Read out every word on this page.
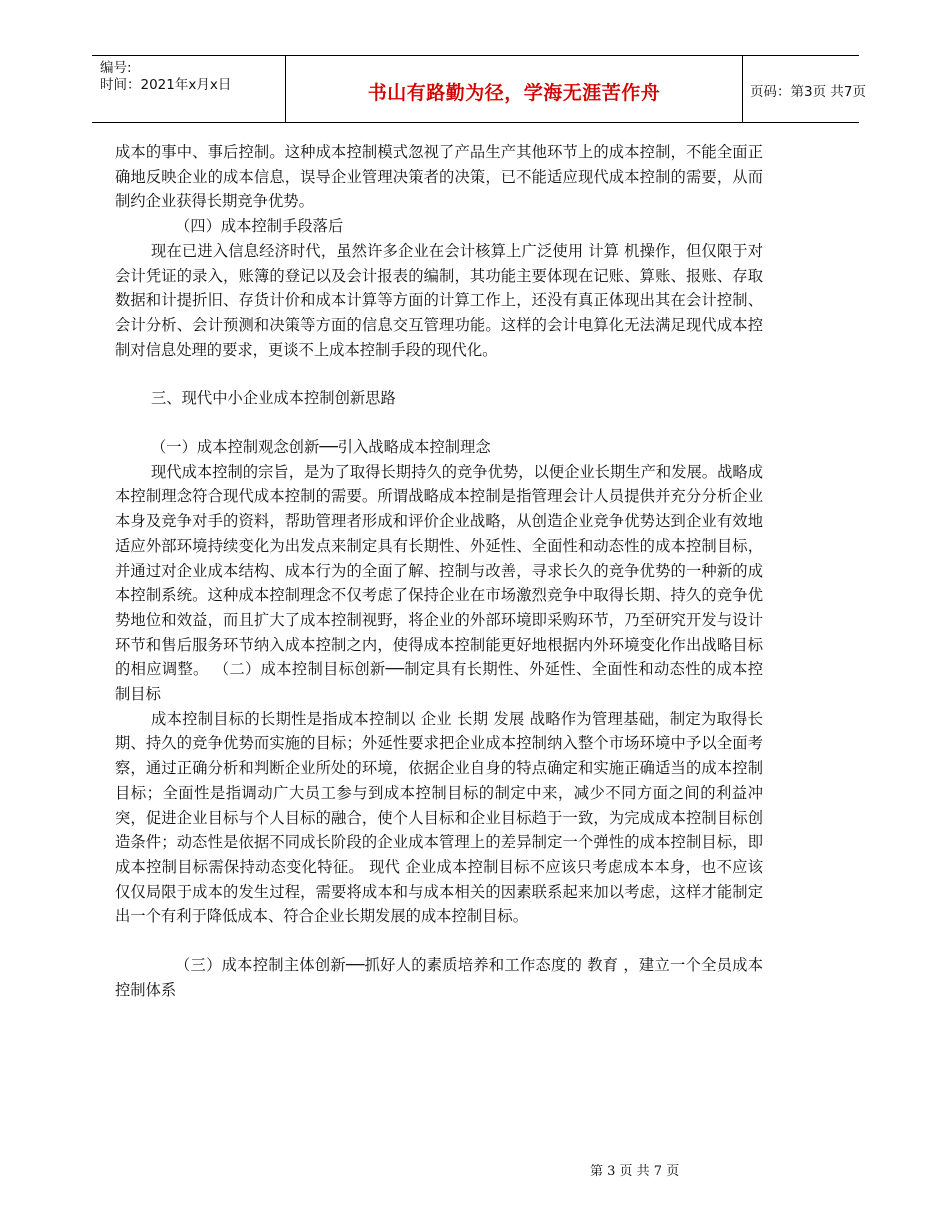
编号:
时间：2021年x月x日	书山有路勤为径，学海无涯苦作舟	页码：第3页 共7页

成本的事中、事后控制。这种成本控制模式忽视了产品生产其他环节上的成本控制，不能全面正确地反映企业的成本信息，误导企业管理决策者的决策，已不能适应现代成本控制的需要，从而制约企业获得长期竞争优势。

（四）成本控制手段落后

现在已进入信息经济时代，虽然许多企业在会计核算上广泛使用 计算 机操作，但仅限于对会计凭证的录入，账簿的登记以及会计报表的编制，其功能主要体现在记账、算账、报账、存取数据和计提折旧、存货计价和成本计算等方面的计算工作上，还没有真正体现出其在会计控制、会计分析、会计预测和决策等方面的信息交互管理功能。这样的会计电算化无法满足现代成本控制对信息处理的要求，更谈不上成本控制手段的现代化。

三、现代中小企业成本控制创新思路

（一）成本控制观念创新──引入战略成本控制理念

现代成本控制的宗旨，是为了取得长期持久的竞争优势，以便企业长期生产和发展。战略成本控制理念符合现代成本控制的需要。所谓战略成本控制是指管理会计人员提供并充分分析企业本身及竞争对手的资料，帮助管理者形成和评价企业战略，从创造企业竞争优势达到企业有效地适应外部环境持续变化为出发点来制定具有长期性、外延性、全面性和动态性的成本控制目标，并通过对企业成本结构、成本行为的全面了解、控制与改善，寻求长久的竞争优势的一种新的成本控制系统。这种成本控制理念不仅考虑了保持企业在市场激烈竞争中取得长期、持久的竞争优势地位和效益，而且扩大了成本控制视野，将企业的外部环境即采购环节，乃至研究开发与设计环节和售后服务环节纳入成本控制之内，使得成本控制能更好地根据内外环境变化作出战略目标的相应调整。 （二）成本控制目标创新──制定具有长期性、外延性、全面性和动态性的成本控制目标

成本控制目标的长期性是指成本控制以 企业 长期 发展 战略作为管理基础，制定为取得长期、持久的竞争优势而实施的目标；外延性要求把企业成本控制纳入整个市场环境中予以全面考察，通过正确分析和判断企业所处的环境，依据企业自身的特点确定和实施正确适当的成本控制目标；全面性是指调动广大员工参与到成本控制目标的制定中来，减少不同方面之间的利益冲突，促进企业目标与个人目标的融合，使个人目标和企业目标趋于一致，为完成成本控制目标创造条件；动态性是依据不同成长阶段的企业成本管理上的差异制定一个弹性的成本控制目标，即成本控制目标需保持动态变化特征。 现代 企业成本控制目标不应该只考虑成本本身，也不应该仅仅局限于成本的发生过程，需要将成本和与成本相关的因素联系起来加以考虑，这样才能制定出一个有利于降低成本、符合企业长期发展的成本控制目标。

（三）成本控制主体创新──抓好人的素质培养和工作态度的 教育 ，建立一个全员成本控制体系

第 3 页 共 7 页
